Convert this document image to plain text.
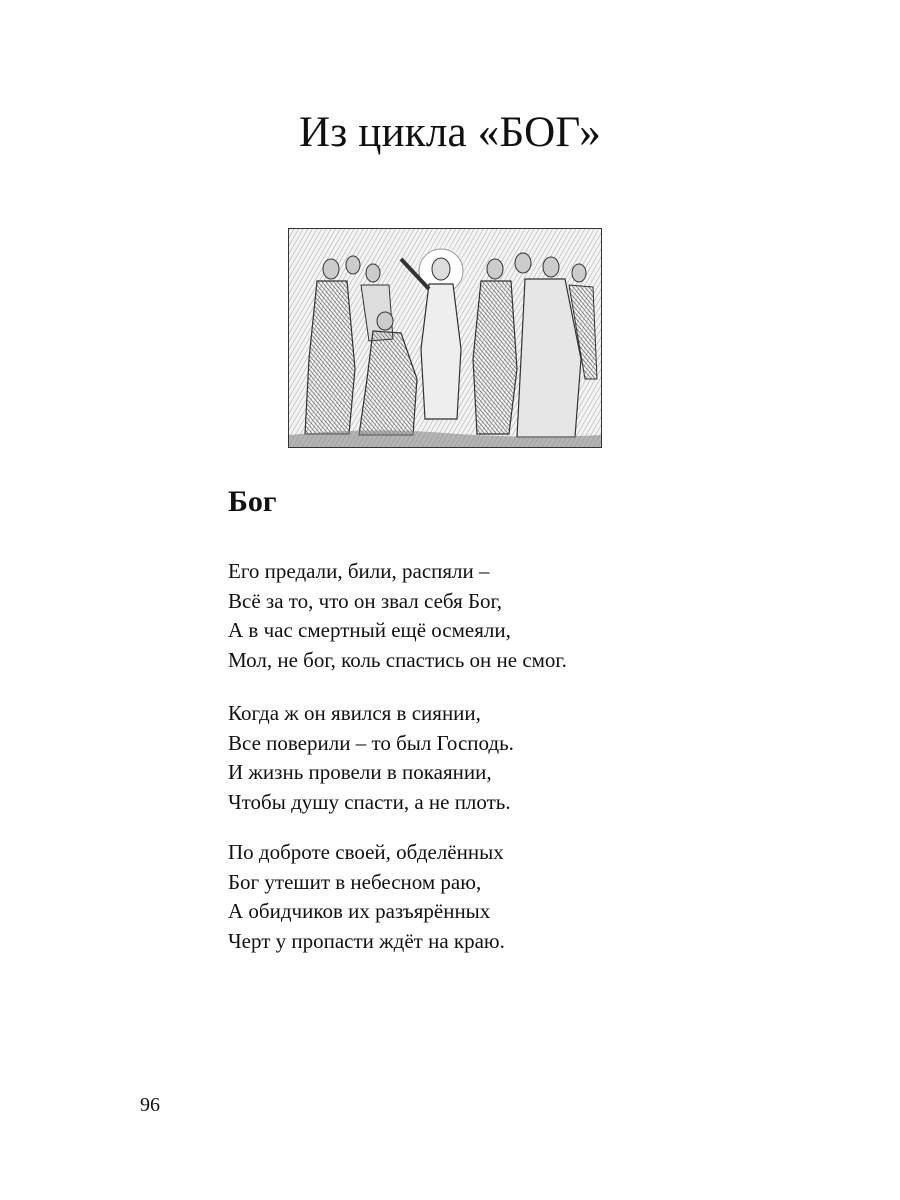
Из цикла «БОГ»
Бог
Его предали, били, распяли –
Всё за то, что он звал себя Бог,
А в час смертный ещё осмеяли,
Мол, не бог, коль спастись он не смог.
Когда ж он явился в сиянии,
Все поверили – то был Господь.
И жизнь провели в покаянии,
Чтобы душу спасти, а не плоть.
По доброте своей, обделённых
Бог утешит в небесном раю,
А обидчиков их разъярённых
Черт у пропасти ждёт на краю.
96
